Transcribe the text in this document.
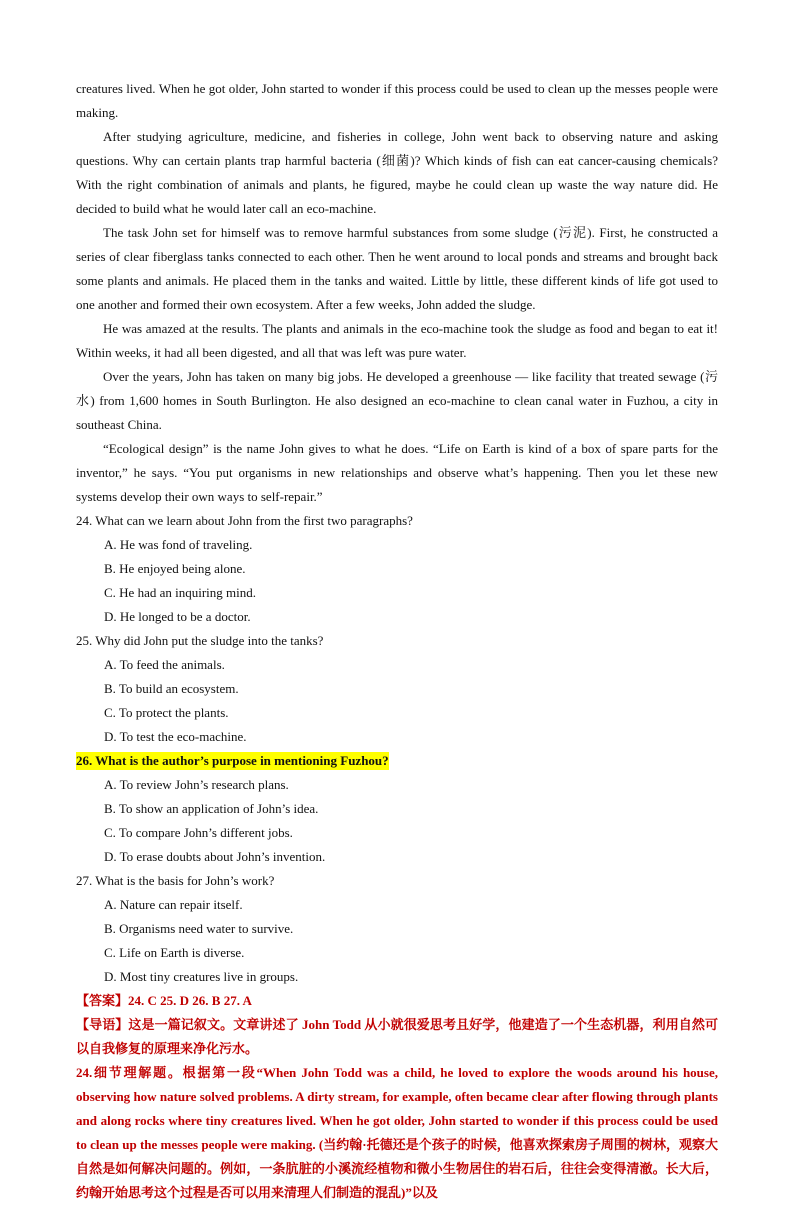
creatures lived. When he got older, John started to wonder if this process could be used to clean up the messes people were making.

After studying agriculture, medicine, and fisheries in college, John went back to observing nature and asking questions. Why can certain plants trap harmful bacteria (细菌)? Which kinds of fish can eat cancer-causing chemicals? With the right combination of animals and plants, he figured, maybe he could clean up waste the way nature did. He decided to build what he would later call an eco-machine.

The task John set for himself was to remove harmful substances from some sludge (污泥). First, he constructed a series of clear fiberglass tanks connected to each other. Then he went around to local ponds and streams and brought back some plants and animals. He placed them in the tanks and waited. Little by little, these different kinds of life got used to one another and formed their own ecosystem. After a few weeks, John added the sludge.

He was amazed at the results. The plants and animals in the eco-machine took the sludge as food and began to eat it! Within weeks, it had all been digested, and all that was left was pure water.

Over the years, John has taken on many big jobs. He developed a greenhouse — like facility that treated sewage (污水) from 1,600 homes in South Burlington. He also designed an eco-machine to clean canal water in Fuzhou, a city in southeast China.

“Ecological design” is the name John gives to what he does. “Life on Earth is kind of a box of spare parts for the inventor,” he says. “You put organisms in new relationships and observe what’s happening. Then you let these new systems develop their own ways to self-repair.”

24. What can we learn about John from the first two paragraphs?

A. He was fond of traveling.
B. He enjoyed being alone.
C. He had an inquiring mind.
D. He longed to be a doctor.

25. Why did John put the sludge into the tanks?

A. To feed the animals.
B. To build an ecosystem.
C. To protect the plants.
D. To test the eco-machine.

26. What is the author’s purpose in mentioning Fuzhou?

A. To review John’s research plans.
B. To show an application of John’s idea.
C. To compare John’s different jobs.
D. To erase doubts about John’s invention.

27. What is the basis for John’s work?

A. Nature can repair itself.
B. Organisms need water to survive.
C. Life on Earth is diverse.
D. Most tiny creatures live in groups.

【答案】24. C 25. D 26. B 27. A

【导语】这是一篇记叙文。文章讲述了 John Todd 从小就很爱思考且好学，他建造了一个生态机器，利用自然可以自我修复的原理来净化污水。

24.细节理解题。根据第一段“When John Todd was a child, he loved to explore the woods around his house, observing how nature solved problems. A dirty stream, for example, often became clear after flowing through plants and along rocks where tiny creatures lived. When he got older, John started to wonder if this process could be used to clean up the messes people were making. (当约翰·托德还是个孩子的时候，他喜欢探索房子周围的树林，观察大自然是如何解决问题的。例如，一条肮脏的小溪流经植物和微小生物居住的岩石后，往往会变得清澈。长大后，约翰开始思考这个过程是否可以用来清理人们制造的混乱)”以及
